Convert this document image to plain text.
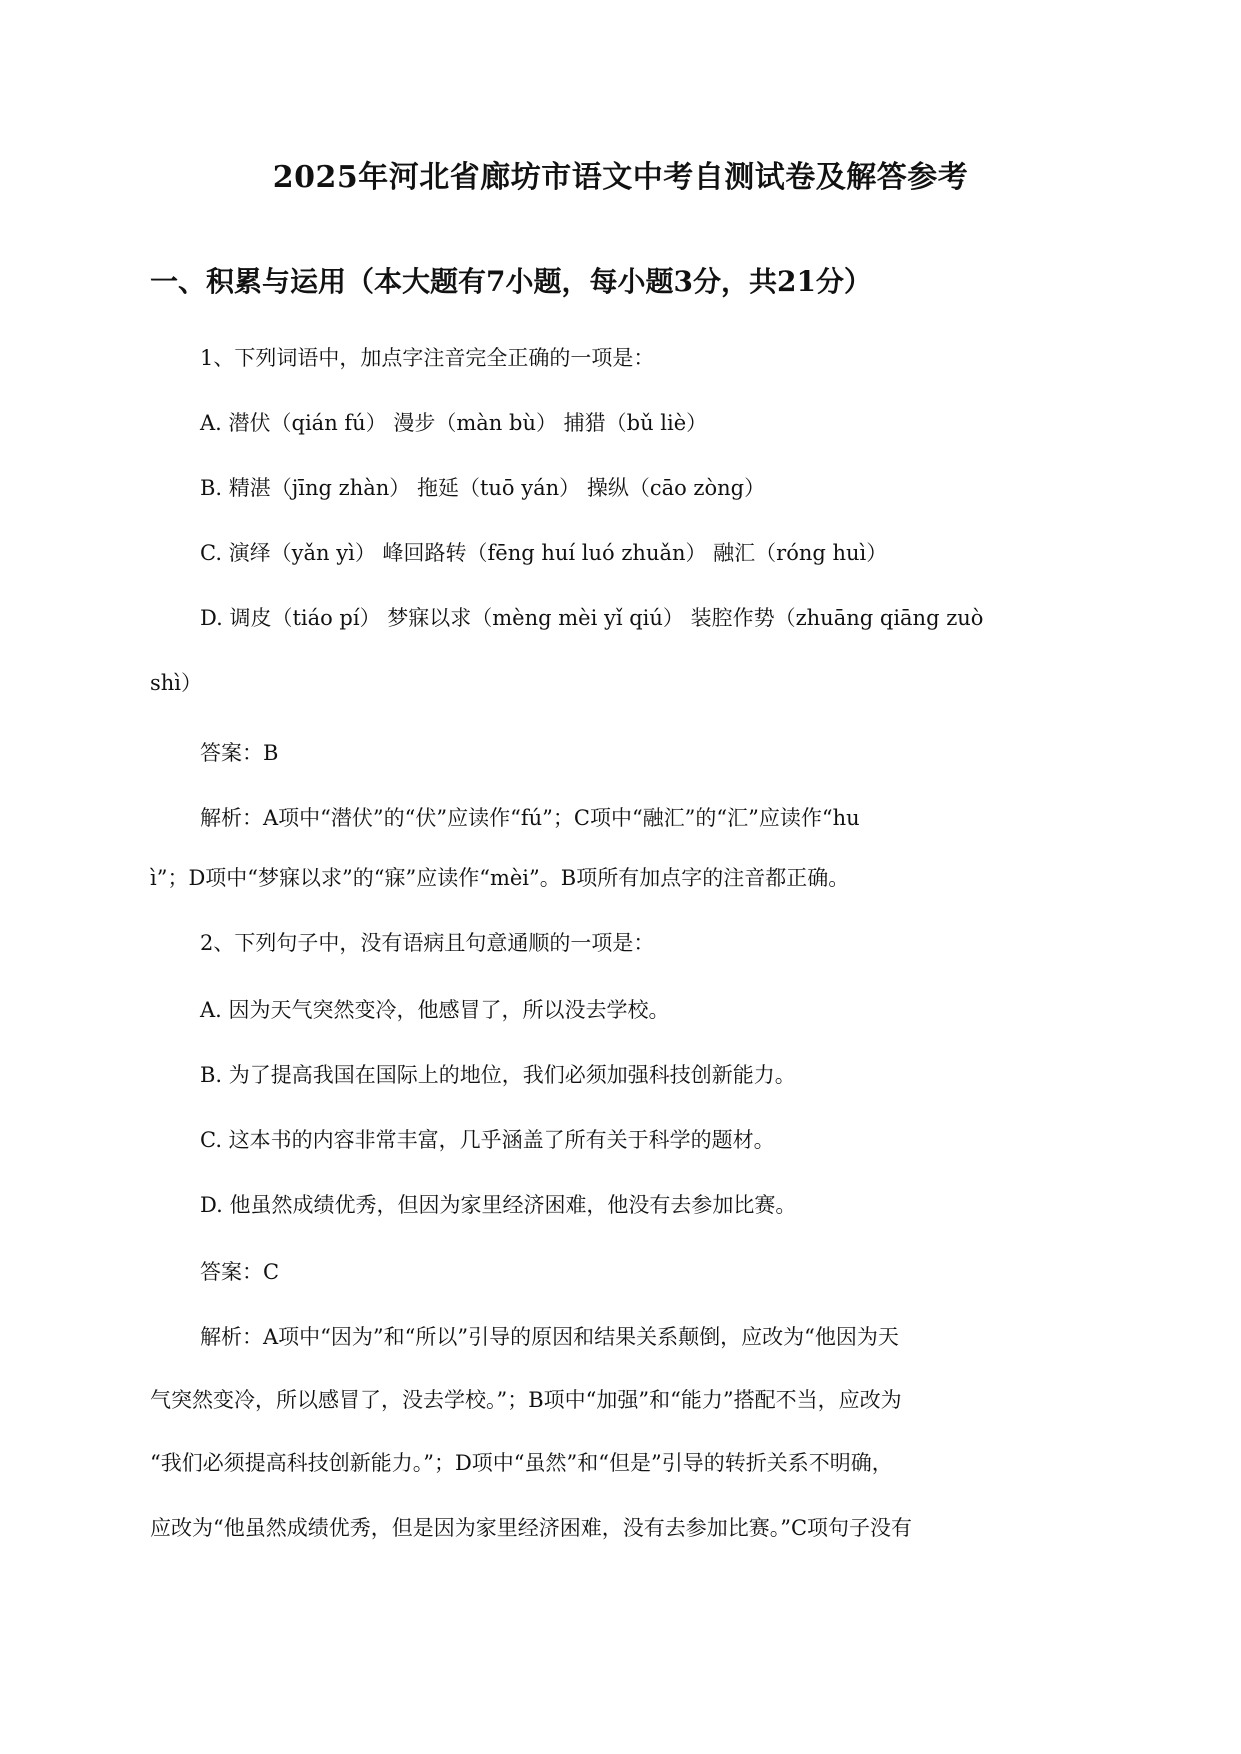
2025年河北省廊坊市语文中考自测试卷及解答参考
一、积累与运用（本大题有7小题，每小题3分，共21分）

1、下列词语中，加点字注音完全正确的一项是：

A. 潜伏（qián fú） 漫步（màn bù） 捕猎（bǔ liè）

B. 精湛（jīng zhàn） 拖延（tuō yán） 操纵（cāo zòng）

C. 演绎（yǎn yì） 峰回路转（fēng huí luó zhuǎn） 融汇（róng huì）

D. 调皮（tiáo pí） 梦寐以求（mèng mèi yǐ qiú） 装腔作势（zhuāng qiāng zuò

shì）

答案：B

解析：A项中“潜伏”的“伏”应读作“fú”；C项中“融汇”的“汇”应读作“hu

ì”；D项中“梦寐以求”的“寐”应读作“mèi”。B项所有加点字的注音都正确。

2、下列句子中，没有语病且句意通顺的一项是：

A. 因为天气突然变冷，他感冒了，所以没去学校。

B. 为了提高我国在国际上的地位，我们必须加强科技创新能力。

C. 这本书的内容非常丰富，几乎涵盖了所有关于科学的题材。

D. 他虽然成绩优秀，但因为家里经济困难，他没有去参加比赛。

答案：C

解析：A项中“因为”和“所以”引导的原因和结果关系颠倒，应改为“他因为天

气突然变冷，所以感冒了，没去学校。”；B项中“加强”和“能力”搭配不当，应改为

“我们必须提高科技创新能力。”；D项中“虽然”和“但是”引导的转折关系不明确，

应改为“他虽然成绩优秀，但是因为家里经济困难，没有去参加比赛。”C项句子没有
